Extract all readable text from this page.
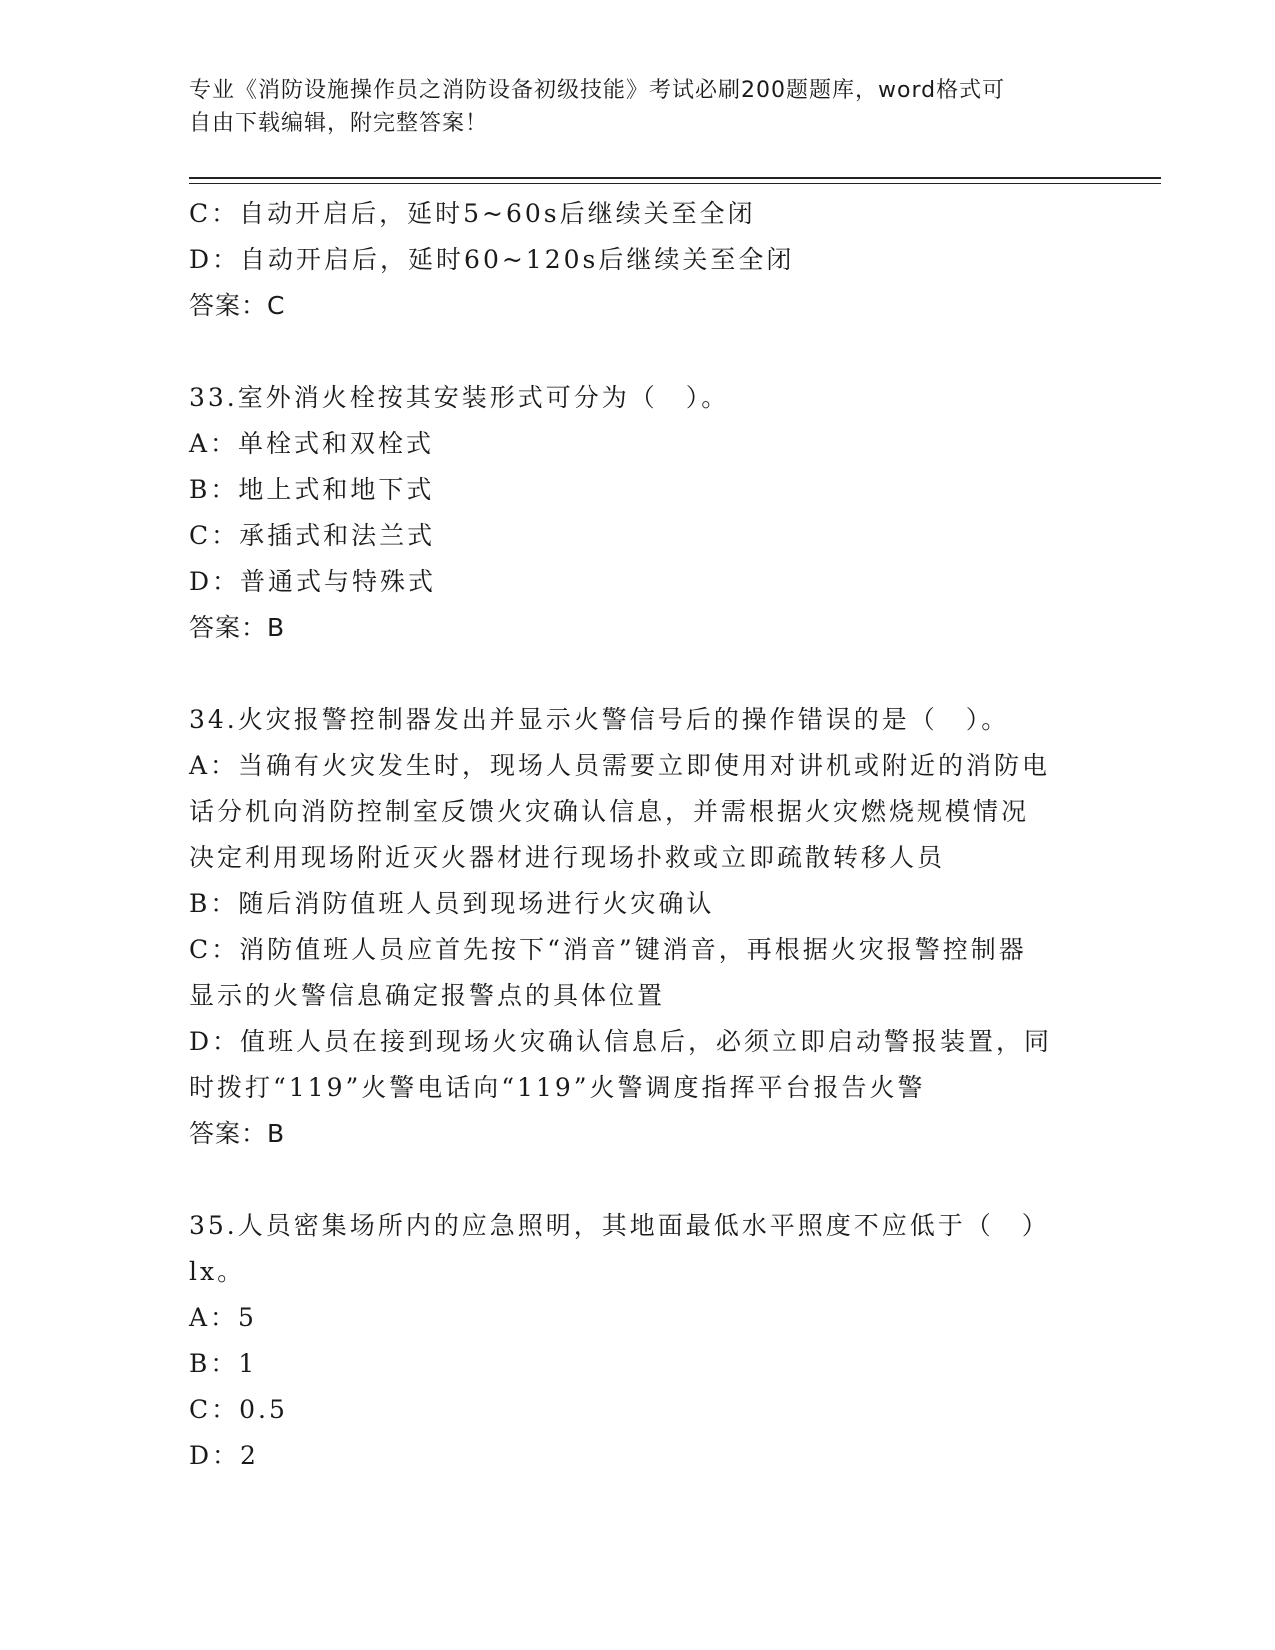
专业《消防设施操作员之消防设备初级技能》考试必刷200题题库，word格式可
自由下载编辑，附完整答案！
C：自动开启后，延时5~60s后继续关至全闭
D：自动开启后，延时60~120s后继续关至全闭
答案：C
33.室外消火栓按其安装形式可分为（　）。
A：单栓式和双栓式
B：地上式和地下式
C：承插式和法兰式
D：普通式与特殊式
答案：B
34.火灾报警控制器发出并显示火警信号后的操作错误的是（　）。
A：当确有火灾发生时，现场人员需要立即使用对讲机或附近的消防电
话分机向消防控制室反馈火灾确认信息，并需根据火灾燃烧规模情况
决定利用现场附近灭火器材进行现场扑救或立即疏散转移人员
B：随后消防值班人员到现场进行火灾确认
C：消防值班人员应首先按下“消音”键消音，再根据火灾报警控制器
显示的火警信息确定报警点的具体位置
D：值班人员在接到现场火灾确认信息后，必须立即启动警报装置，同
时拨打“119”火警电话向“119”火警调度指挥平台报告火警
答案：B
35.人员密集场所内的应急照明，其地面最低水平照度不应低于（　）
lx。
A：5
B：1
C：0.5
D：2
